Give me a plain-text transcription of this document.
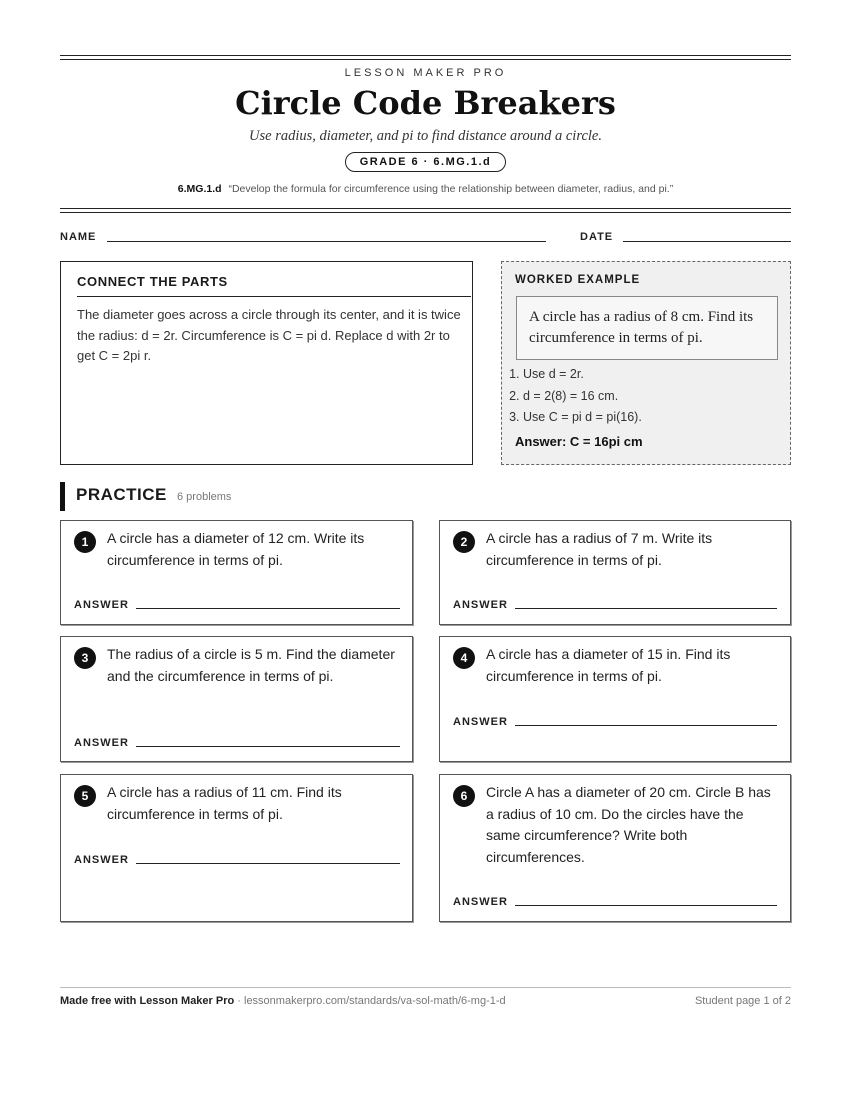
LESSON MAKER PRO
Circle Code Breakers
Use radius, diameter, and pi to find distance around a circle.
GRADE 6 · 6.MG.1.d
6.MG.1.d “Develop the formula for circumference using the relationship between diameter, radius, and pi.”
NAME	DATE
CONNECT THE PARTS

The diameter goes across a circle through its center, and it is twice the radius: d = 2r. Circumference is C = pi d. Replace d with 2r to get C = 2pi r.

WORKED EXAMPLE
A circle has a radius of 8 cm. Find its circumference in terms of pi.
1. Use d = 2r.
2. d = 2(8) = 16 cm.
3. Use C = pi d = pi(16).
Answer: C = 16pi cm
PRACTICE 6 problems
1	A circle has a diameter of 12 cm. Write its circumference in terms of pi.
ANSWER
2	A circle has a radius of 7 m. Write its circumference in terms of pi.
ANSWER
3	The radius of a circle is 5 m. Find the diameter and the circumference in terms of pi.
ANSWER
4	A circle has a diameter of 15 in. Find its circumference in terms of pi.
ANSWER
5	A circle has a radius of 11 cm. Find its circumference in terms of pi.
ANSWER
6	Circle A has a diameter of 20 cm. Circle B has a radius of 10 cm. Do the circles have the same circumference? Write both circumferences.
ANSWER
Made free with Lesson Maker Pro · lessonmakerpro.com/standards/va-sol-math/6-mg-1-d	Student page 1 of 2
